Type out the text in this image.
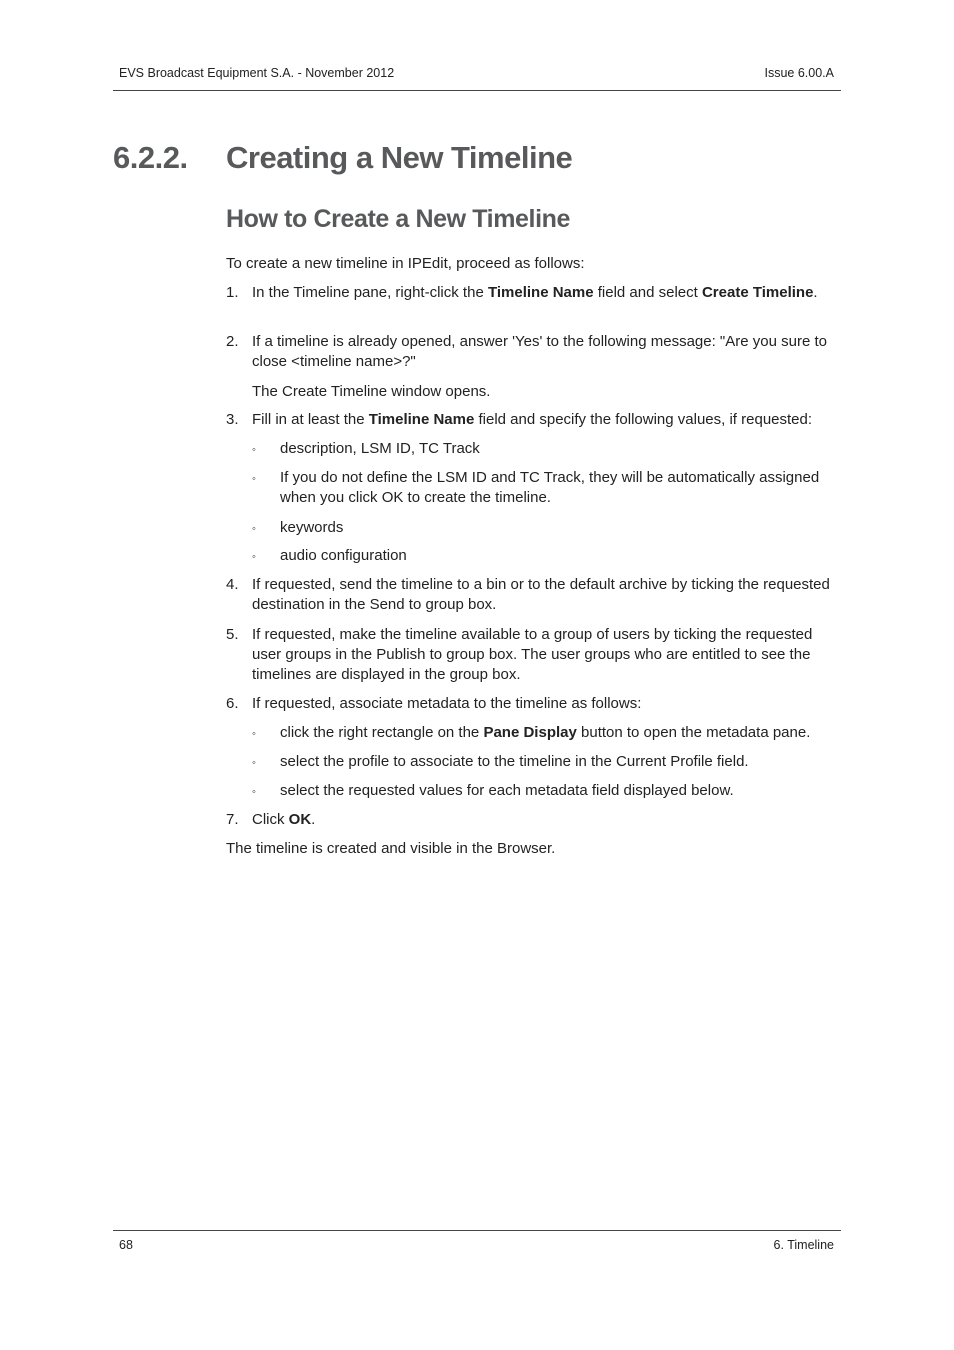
EVS Broadcast Equipment S.A. - November 2012	Issue 6.00.A
6.2.2. Creating a New Timeline
How to Create a New Timeline
To create a new timeline in IPEdit, proceed as follows:
1. In the Timeline pane, right-click the Timeline Name field and select Create Timeline.
2. If a timeline is already opened, answer 'Yes' to the following message: "Are you sure to close <timeline name>?"
The Create Timeline window opens.
3. Fill in at least the Timeline Name field and specify the following values, if requested:
◦ description, LSM ID, TC Track
◦ If you do not define the LSM ID and TC Track, they will be automatically assigned when you click OK to create the timeline.
◦ keywords
◦ audio configuration
4. If requested, send the timeline to a bin or to the default archive by ticking the requested destination in the Send to group box.
5. If requested, make the timeline available to a group of users by ticking the requested user groups in the Publish to group box. The user groups who are entitled to see the timelines are displayed in the group box.
6. If requested, associate metadata to the timeline as follows:
◦ click the right rectangle on the Pane Display button to open the metadata pane.
◦ select the profile to associate to the timeline in the Current Profile field.
◦ select the requested values for each metadata field displayed below.
7. Click OK.
The timeline is created and visible in the Browser.
68	6. Timeline
